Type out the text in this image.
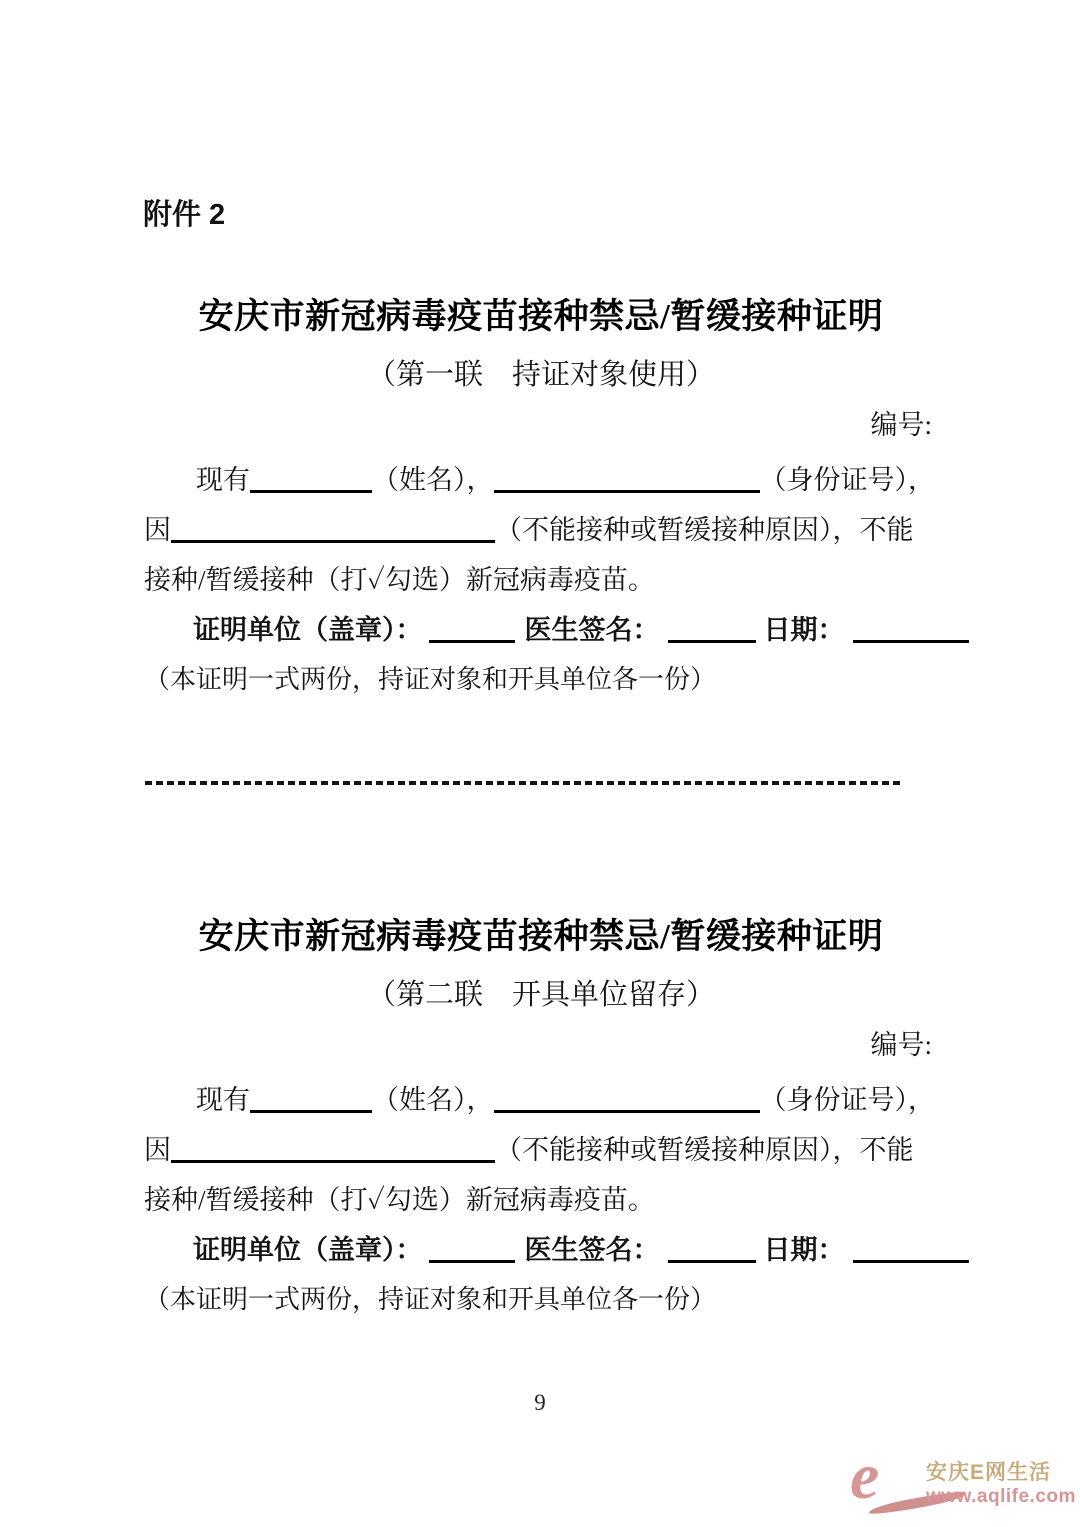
附件 2
安庆市新冠病毒疫苗接种禁忌/暂缓接种证明
（第一联　持证对象使用）
编号:

现有	（姓名），	（身份证号），

因	（不能接种或暂缓接种原因），不能

接种/暂缓接种（打✓勾选）新冠病毒疫苗。

证明单位（盖章）：	医生签名：	日期：

（本证明一式两份，持证对象和开具单位各一份）

安庆市新冠病毒疫苗接种禁忌/暂缓接种证明
（第二联　开具单位留存）
编号:

现有	（姓名），	（身份证号），

因	（不能接种或暂缓接种原因），不能

接种/暂缓接种（打✓勾选）新冠病毒疫苗。

证明单位（盖章）：	医生签名：	日期：

（本证明一式两份，持证对象和开具单位各一份）

9
e 安庆E网生活
www.aqlife.com
